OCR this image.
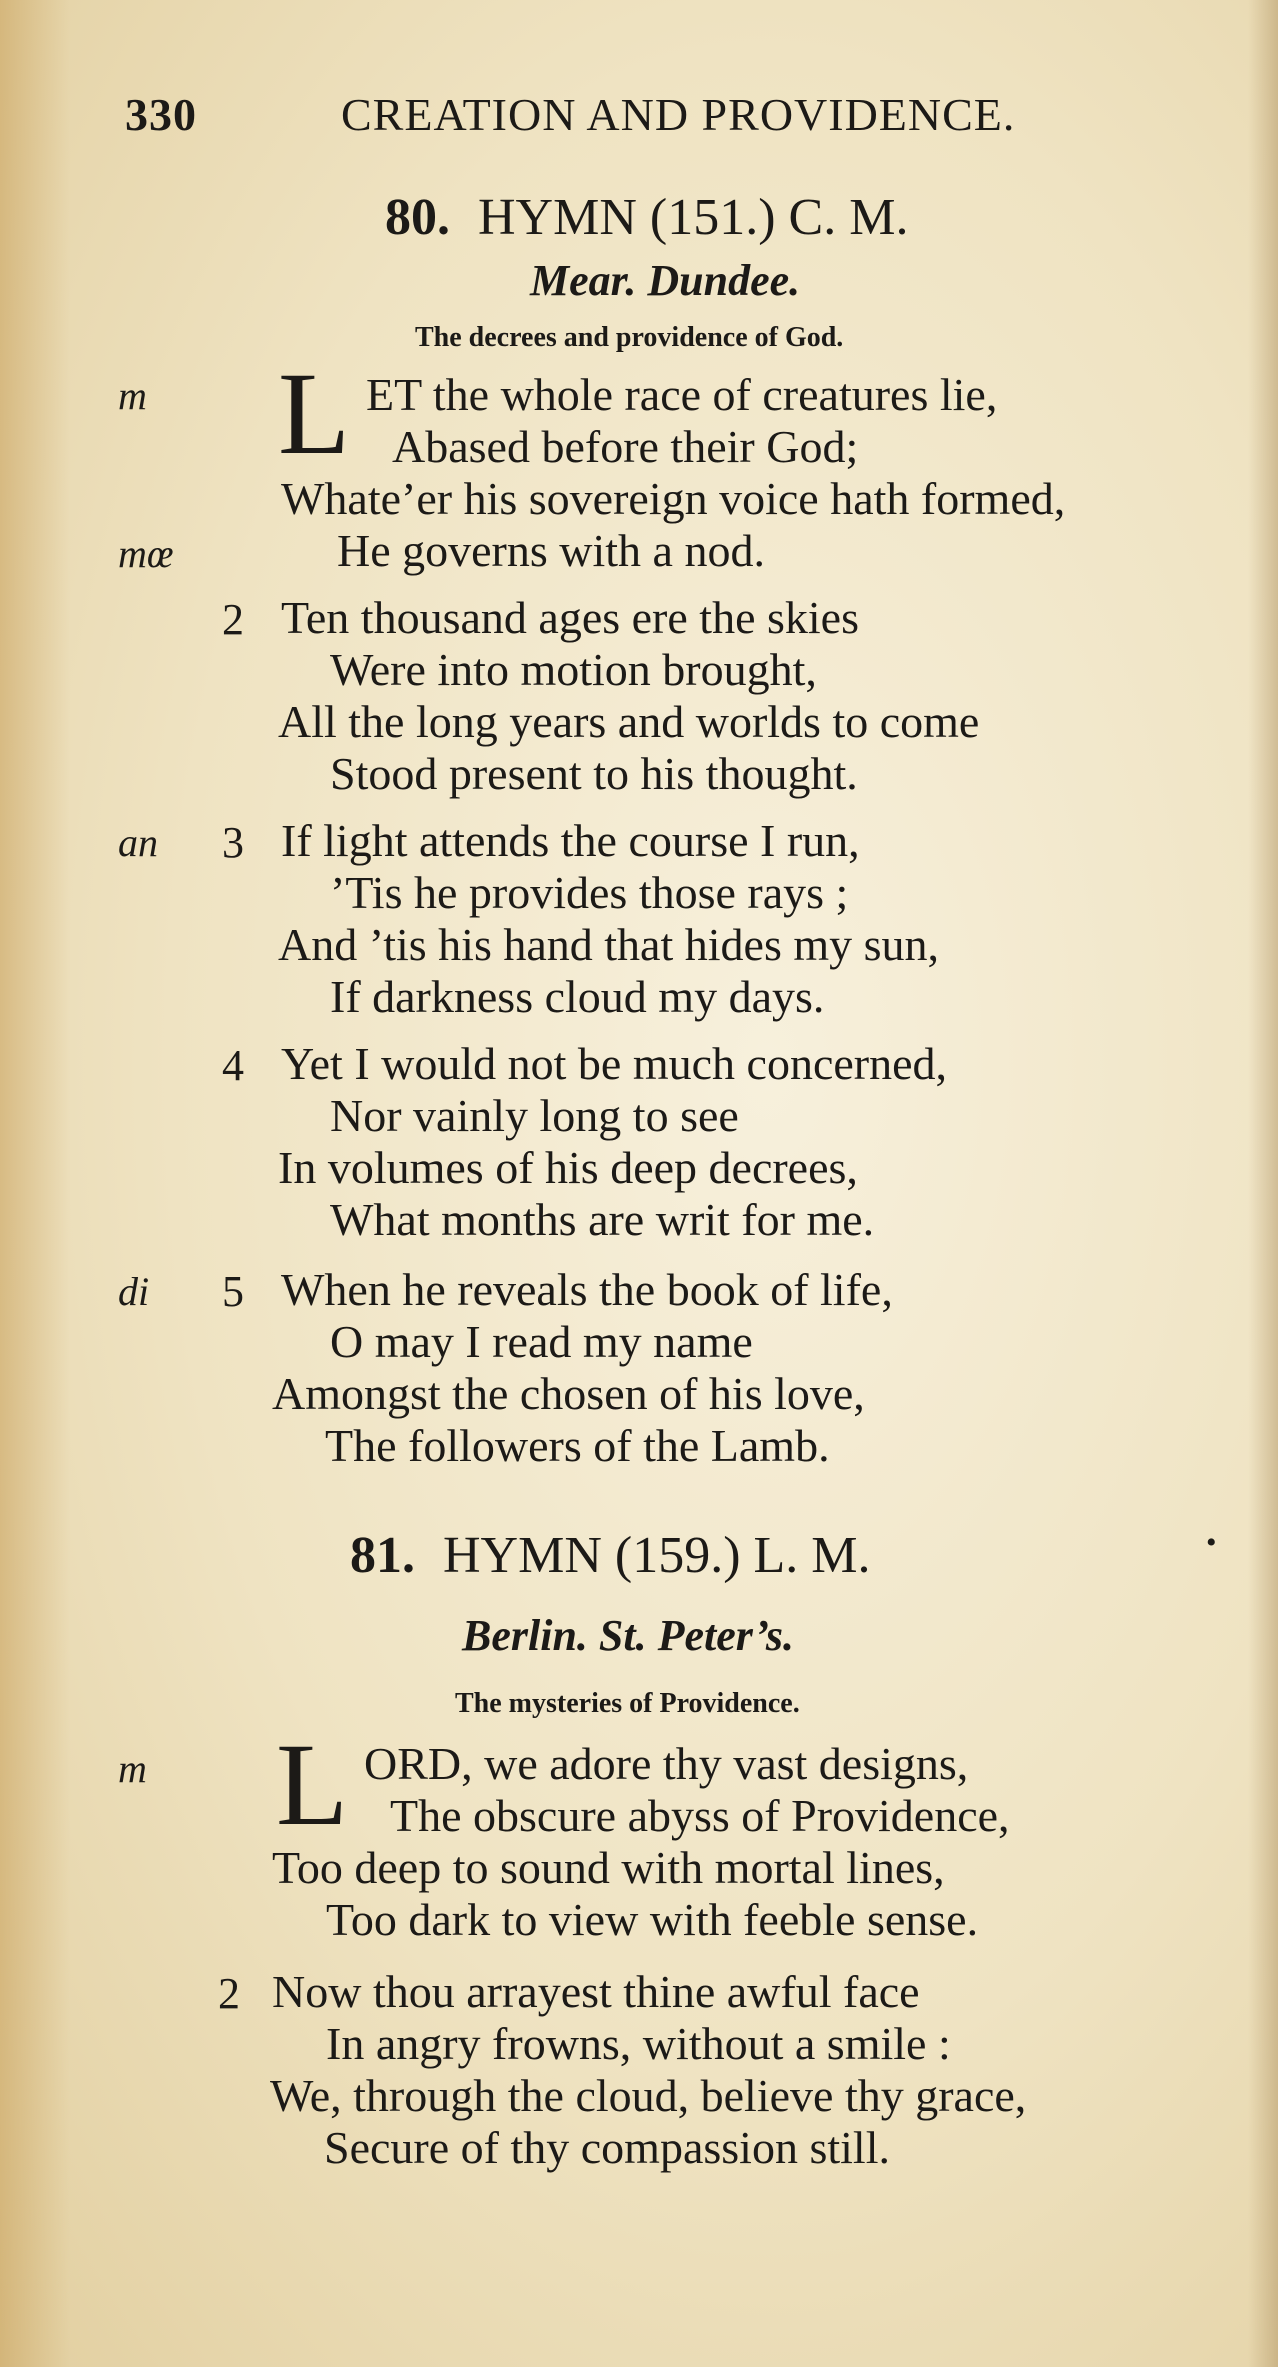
330	CREATION AND PROVIDENCE.
80. HYMN (151.) C. M.
Mear. Dundee.
The decrees and providence of God.
m L ET the whole race of creatures lie,
Abased before their God;
Whate’er his sovereign voice hath formed,
mœ	He governs with a nod.
2 Ten thousand ages ere the skies
Were into motion brought,
All the long years and worlds to come
Stood present to his thought.
an 3 If light attends the course I run,
’Tis he provides those rays ;
And ’tis his hand that hides my sun,
If darkness cloud my days.
4 Yet I would not be much concerned,
Nor vainly long to see
In volumes of his deep decrees,
What months are writ for me.
di 5 When he reveals the book of life,
O may I read my name
Amongst the chosen of his love,
The followers of the Lamb.
81. HYMN (159.) L. M.	•
Berlin. St. Peter’s.
The mysteries of Providence.
m L ORD, we adore thy vast designs,
The obscure abyss of Providence,
Too deep to sound with mortal lines,
Too dark to view with feeble sense.
2 Now thou arrayest thine awful face
In angry frowns, without a smile :
We, through the cloud, believe thy grace,
Secure of thy compassion still.
